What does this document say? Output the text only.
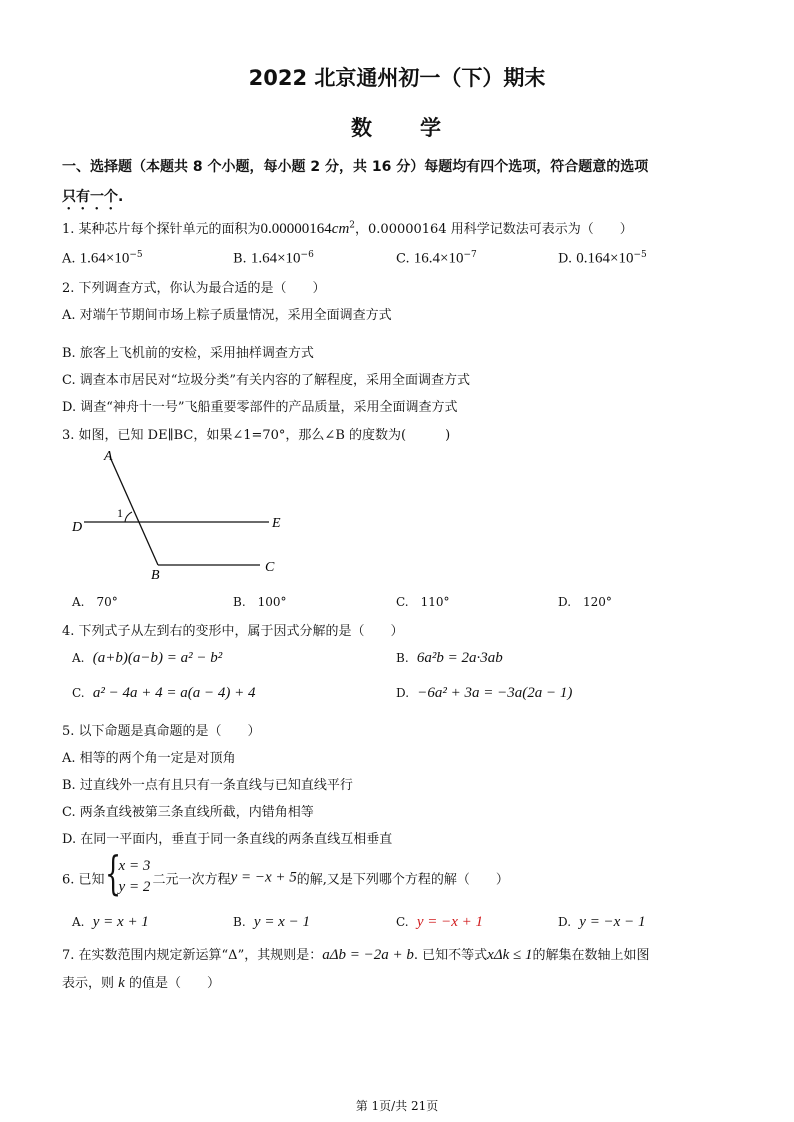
2022 北京通州初一（下）期末
数　　学
一、选择题（本题共 8 个小题，每小题 2 分，共 16 分）每题均有四个选项，符合题意的选项
只有一个.
1. 某种芯片每个探针单元的面积为$0.00000164cm^2$，0.00000164 用科学记数法可表示为（　　）
A. $1.64\times 10^{-5}$	B. $1.64\times 10^{-6}$	C. $16.4\times 10^{-7}$	D. $0.164\times 10^{-5}$
2. 下列调查方式，你认为最合适的是（　　）
A. 对端午节期间市场上粽子质量情况，采用全面调查方式
B. 旅客上飞机前的安检，采用抽样调查方式
C. 调查本市居民对“垃圾分类”有关内容的了解程度，采用全面调查方式
D. 调查“神舟十一号”飞船重要零部件的产品质量，采用全面调查方式
3. 如图，已知 DE∥BC，如果∠1=70°，那么∠B 的度数为(　　　)
A
1
D	E
B
C
A.　70°	B.　100°	C.　110°	D.　120°
4. 下列式子从左到右的变形中，属于因式分解的是（　　）
A. (a+b)(a−b) = a² − b²	B. 6a²b = 2a·3ab
C. a² − 4a + 4 = a(a − 4) + 4	D. −6a² + 3a = −3a(2a − 1)
5. 以下命题是真命题的是（　　）
A. 相等的两个角一定是对顶角
B. 过直线外一点有且只有一条直线与已知直线平行
C. 两条直线被第三条直线所截，内错角相等
D. 在同一平面内，垂直于同一条直线的两条直线互相垂直
6. 已知 {
x = 3
y = 2 二元一次方程y = −x + 5的解,又是下列哪个方程的解（　　）
A. y = x + 1	B. y = x − 1	C. y = −x + 1	D. y = −x − 1
7. 在实数范围内规定新运算“Δ”，其规则是：aΔb = −2a + b. 已知不等式xΔk ≤ 1的解集在数轴上如图
表示，则 k 的值是（　　）
第 1页/共 21页
